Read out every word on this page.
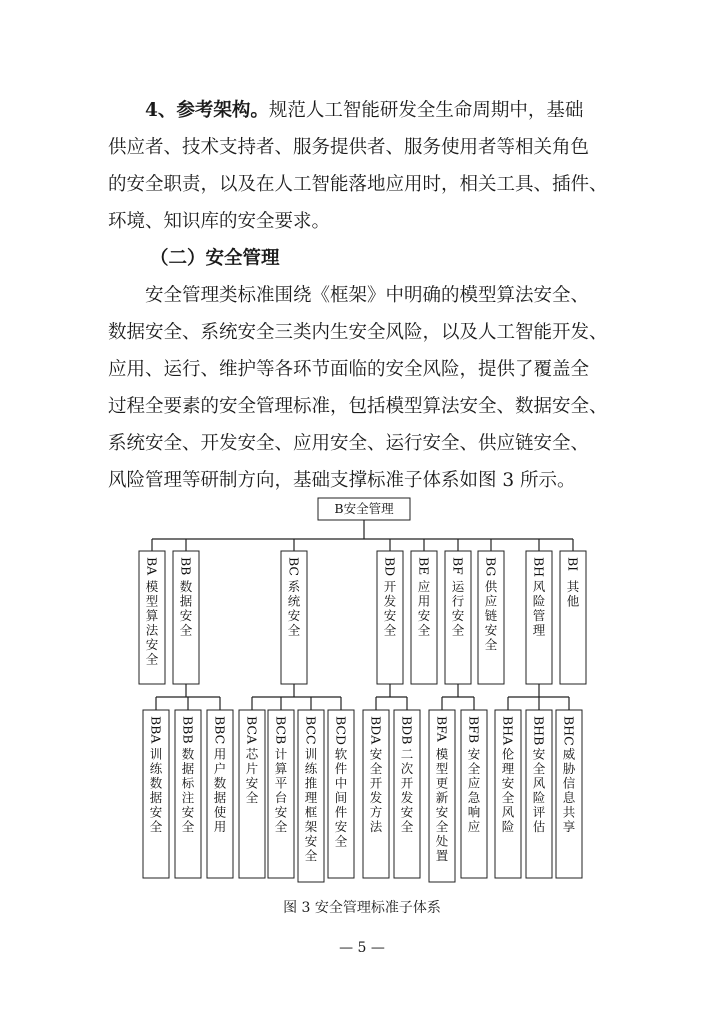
4、参考架构。规范人工智能研发全生命周期中，基础
供应者、技术支持者、服务提供者、服务使用者等相关角色
的安全职责，以及在人工智能落地应用时，相关工具、插件、
环境、知识库的安全要求。
（二）安全管理
安全管理类标准围绕《框架》中明确的模型算法安全、
数据安全、系统安全三类内生安全风险，以及人工智能开发、
应用、运行、维护等各环节面临的安全风险，提供了覆盖全
过程全要素的安全管理标准，包括模型算法安全、数据安全、
系统安全、开发安全、应用安全、运行安全、供应链安全、
风险管理等研制方向，基础支撑标准子体系如图 3 所示。
B安全管理
BA
模
型
算
法
安
全
BB
数
据
安
全
BC
系
统
安
全
BD
开
发
安
全
BE
应
用
安
全
BF
运
行
安
全
BG
供
应
链
安
全
BH
风
险
管
理
BI
其
他
BBA
训
练
数
据
安
全
BBB
数
据
标
注
安
全
BBC
用
户
数
据
使
用
BCA
芯
片
安
全
BCB
计
算
平
台
安
全
BCC
训
练
推
理
框
架
安
全
BCD
软
件
中
间
件
安
全
BDA
安
全
开
发
方
法
BDB
二
次
开
发
安
全
BFA
模
型
更
新
安
全
处
置
BFB
安
全
应
急
响
应
BHA
伦
理
安
全
风
险
BHB
安
全
风
险
评
估
BHC
威
胁
信
息
共
享
图 3 安全管理标准子体系
— 5 —
